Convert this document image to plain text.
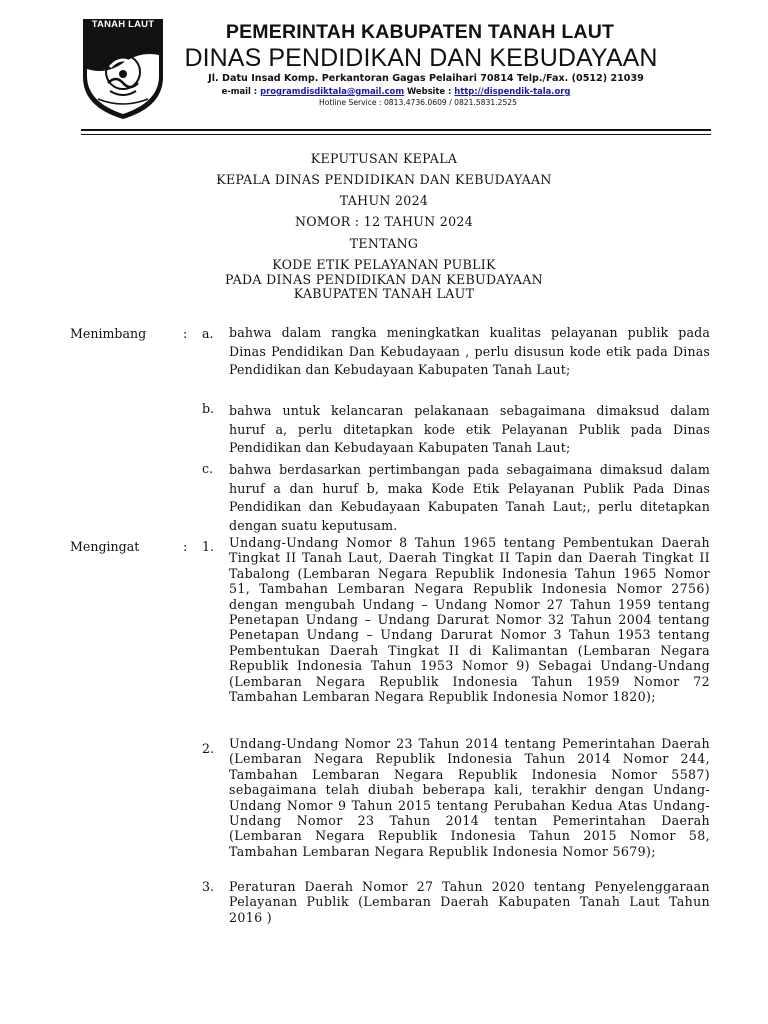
TANAH LAUT	PEMERINTAH KABUPATEN TANAH LAUT
DINAS PENDIDIKAN DAN KEBUDAYAAN
Jl. Datu Insad Komp. Perkantoran Gagas Pelaihari 70814 Telp./Fax. (0512) 21039
e-mail : programdisdiktala@gmail.com Website : http://dispendik-tala.org
Hotline Service : 0813.4736.0609 / 0821.5831.2525
KEPUTUSAN KEPALA
KEPALA DINAS PENDIDIKAN DAN KEBUDAYAAN
TAHUN 2024
NOMOR : 12 TAHUN 2024
TENTANG
KODE ETIK PELAYANAN PUBLIK
PADA DINAS PENDIDIKAN DAN KEBUDAYAAN
KABUPATEN TANAH LAUT
Menimbang	: a. bahwa dalam rangka meningkatkan kualitas pelayanan publik pada Dinas Pendidikan Dan Kebudayaan , perlu disusun kode etik pada Dinas Pendidikan dan Kebudayaan Kabupaten Tanah Laut;
b. bahwa untuk kelancaran pelakanaan sebagaimana dimaksud dalam huruf a, perlu ditetapkan kode etik Pelayanan Publik pada Dinas Pendidikan dan Kebudayaan Kabupaten Tanah Laut;
c. bahwa berdasarkan pertimbangan pada sebagaimana dimaksud dalam huruf a dan huruf b, maka Kode Etik Pelayanan Publik Pada Dinas Pendidikan dan Kebudayaan Kabupaten Tanah Laut;, perlu ditetapkan dengan suatu keputusam.
Mengingat	: 1. Undang-Undang Nomor 8 Tahun 1965 tentang Pembentukan Daerah Tingkat II Tanah Laut, Daerah Tingkat II Tapin dan Daerah Tingkat II Tabalong (Lembaran Negara Republik Indonesia Tahun 1965 Nomor 51, Tambahan Lembaran Negara Republik Indonesia Nomor 2756) dengan mengubah Undang – Undang Nomor 27 Tahun 1959 tentang Penetapan Undang – Undang Darurat Nomor 32 Tahun 2004 tentang Penetapan Undang – Undang Darurat Nomor 3 Tahun 1953 tentang Pembentukan Daerah Tingkat II di Kalimantan (Lembaran Negara Republik Indonesia Tahun 1953 Nomor 9) Sebagai Undang-Undang (Lembaran Negara Republik Indonesia Tahun 1959 Nomor 72 Tambahan Lembaran Negara Republik Indonesia Nomor 1820);
2. Undang-Undang Nomor 23 Tahun 2014 tentang Pemerintahan Daerah (Lembaran Negara Republik Indonesia Tahun 2014 Nomor 244, Tambahan Lembaran Negara Republik Indonesia Nomor 5587) sebagaimana telah diubah beberapa kali, terakhir dengan Undang-Undang Nomor 9 Tahun 2015 tentang Perubahan Kedua Atas Undang-Undang Nomor 23 Tahun 2014 tentan Pemerintahan Daerah (Lembaran Negara Republik Indonesia Tahun 2015 Nomor 58, Tambahan Lembaran Negara Republik Indonesia Nomor 5679);
3. Peraturan Daerah Nomor 27 Tahun 2020 tentang Penyelenggaraan Pelayanan Publik (Lembaran Daerah Kabupaten Tanah Laut Tahun 2016 )
